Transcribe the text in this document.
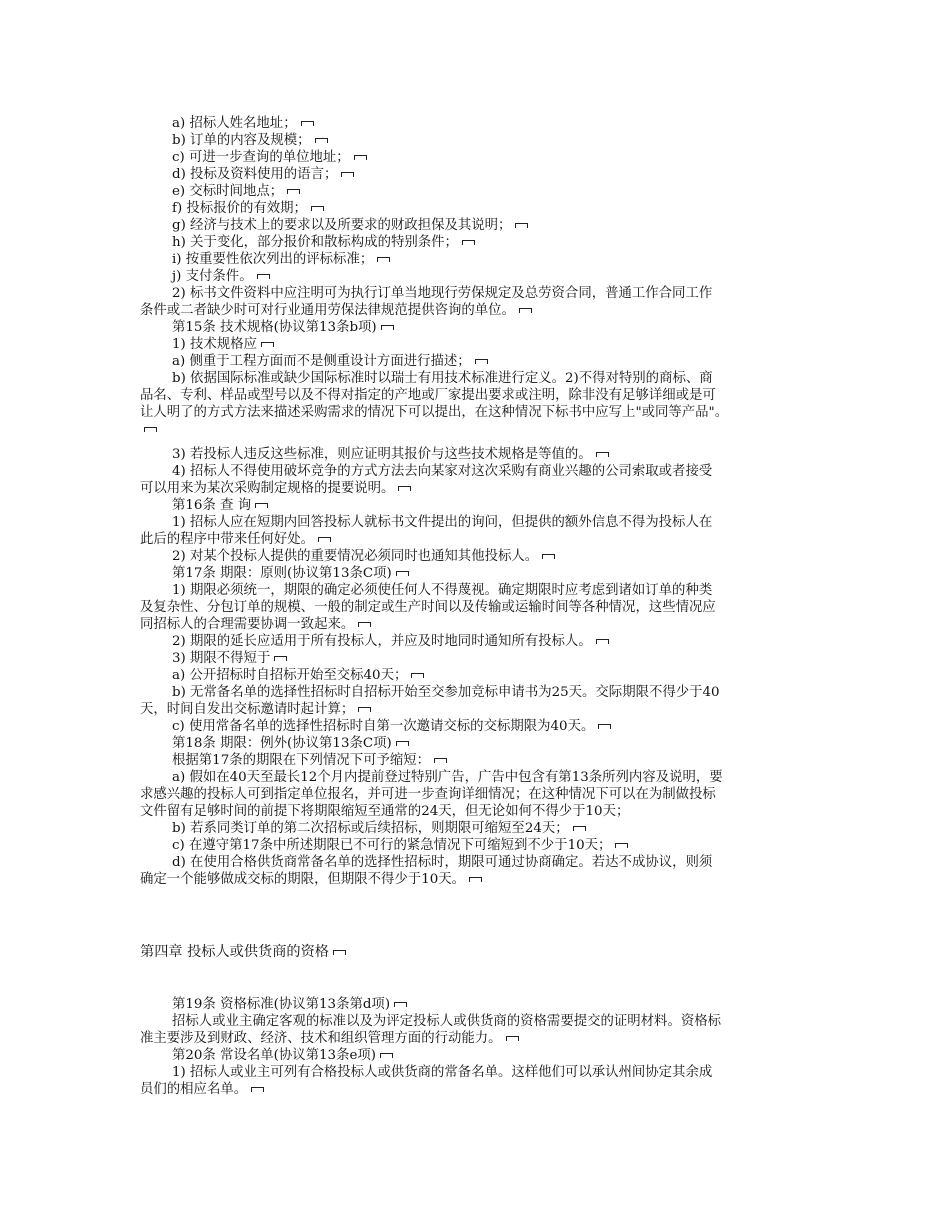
a) 招标人姓名地址；
b) 订单的内容及规模；
c) 可进一步查询的单位地址；
d) 投标及资料使用的语言；
e) 交标时间地点；
f) 投标报价的有效期；
g) 经济与技术上的要求以及所要求的财政担保及其说明；
h) 关于变化，部分报价和散标构成的特别条件；
i) 按重要性依次列出的评标标准；
j) 支付条件。
2) 标书文件资料中应注明可为执行订单当地现行劳保规定及总劳资合同，普通工作合同工作
条件或二者缺少时可对行业通用劳保法律规范提供咨询的单位。
第15条 技术规格(协议第13条b项)
1) 技术规格应
a) 侧重于工程方面而不是侧重设计方面进行描述；
b) 依据国际标准或缺少国际标准时以瑞士有用技术标准进行定义。2)不得对特别的商标、商
品名、专利、样品或型号以及不得对指定的产地或厂家提出要求或注明，除非没有足够详细或是可
让人明了的方式方法来描述采购需求的情况下可以提出，在这种情况下标书中应写上"或同等产品"。
3) 若投标人违反这些标准，则应证明其报价与这些技术规格是等值的。
4) 招标人不得使用破坏竞争的方式方法去向某家对这次采购有商业兴趣的公司索取或者接受
可以用来为某次采购制定规格的提要说明。
第16条 查 询
1) 招标人应在短期内回答投标人就标书文件提出的询问，但提供的额外信息不得为投标人在
此后的程序中带来任何好处。
2) 对某个投标人提供的重要情况必须同时也通知其他投标人。
第17条 期限：原则(协议第13条C项)
1) 期限必须统一，期限的确定必须使任何人不得蔑视。确定期限时应考虑到诸如订单的种类
及复杂性、分包订单的规模、一般的制定或生产时间以及传输或运输时间等各种情况，这些情况应
同招标人的合理需要协调一致起来。
2) 期限的延长应适用于所有投标人，并应及时地同时通知所有投标人。
3) 期限不得短于
a) 公开招标时自招标开始至交标40天；
b) 无常备名单的选择性招标时自招标开始至交参加竞标申请书为25天。交际期限不得少于40
天，时间自发出交标邀请时起计算；
c) 使用常备名单的选择性招标时自第一次邀请交标的交标期限为40天。
第18条 期限：例外(协议第13条C项)
根据第17条的期限在下列情况下可予缩短：
a) 假如在40天至最长12个月内提前登过特别广告，广告中包含有第13条所列内容及说明，要
求感兴趣的投标人可到指定单位报名，并可进一步查询详细情况；在这种情况下可以在为制做投标
文件留有足够时间的前提下将期限缩短至通常的24天，但无论如何不得少于10天；
b) 若系同类订单的第二次招标或后续招标，则期限可缩短至24天；
c) 在遵守第17条中所述期限已不可行的紧急情况下可缩短到不少于10天；
d) 在使用合格供货商常备名单的选择性招标时，期限可通过协商确定。若达不成协议，则须
确定一个能够做成交标的期限，但期限不得少于10天。
第四章 投标人或供货商的资格
第19条 资格标准(协议第13条第d项)
招标人或业主确定客观的标准以及为评定投标人或供货商的资格需要提交的证明材料。资格标
准主要涉及到财政、经济、技术和组织管理方面的行动能力。
第20条 常设名单(协议第13条e项)
1) 招标人或业主可列有合格投标人或供货商的常备名单。这样他们可以承认州间协定其余成
员们的相应名单。
